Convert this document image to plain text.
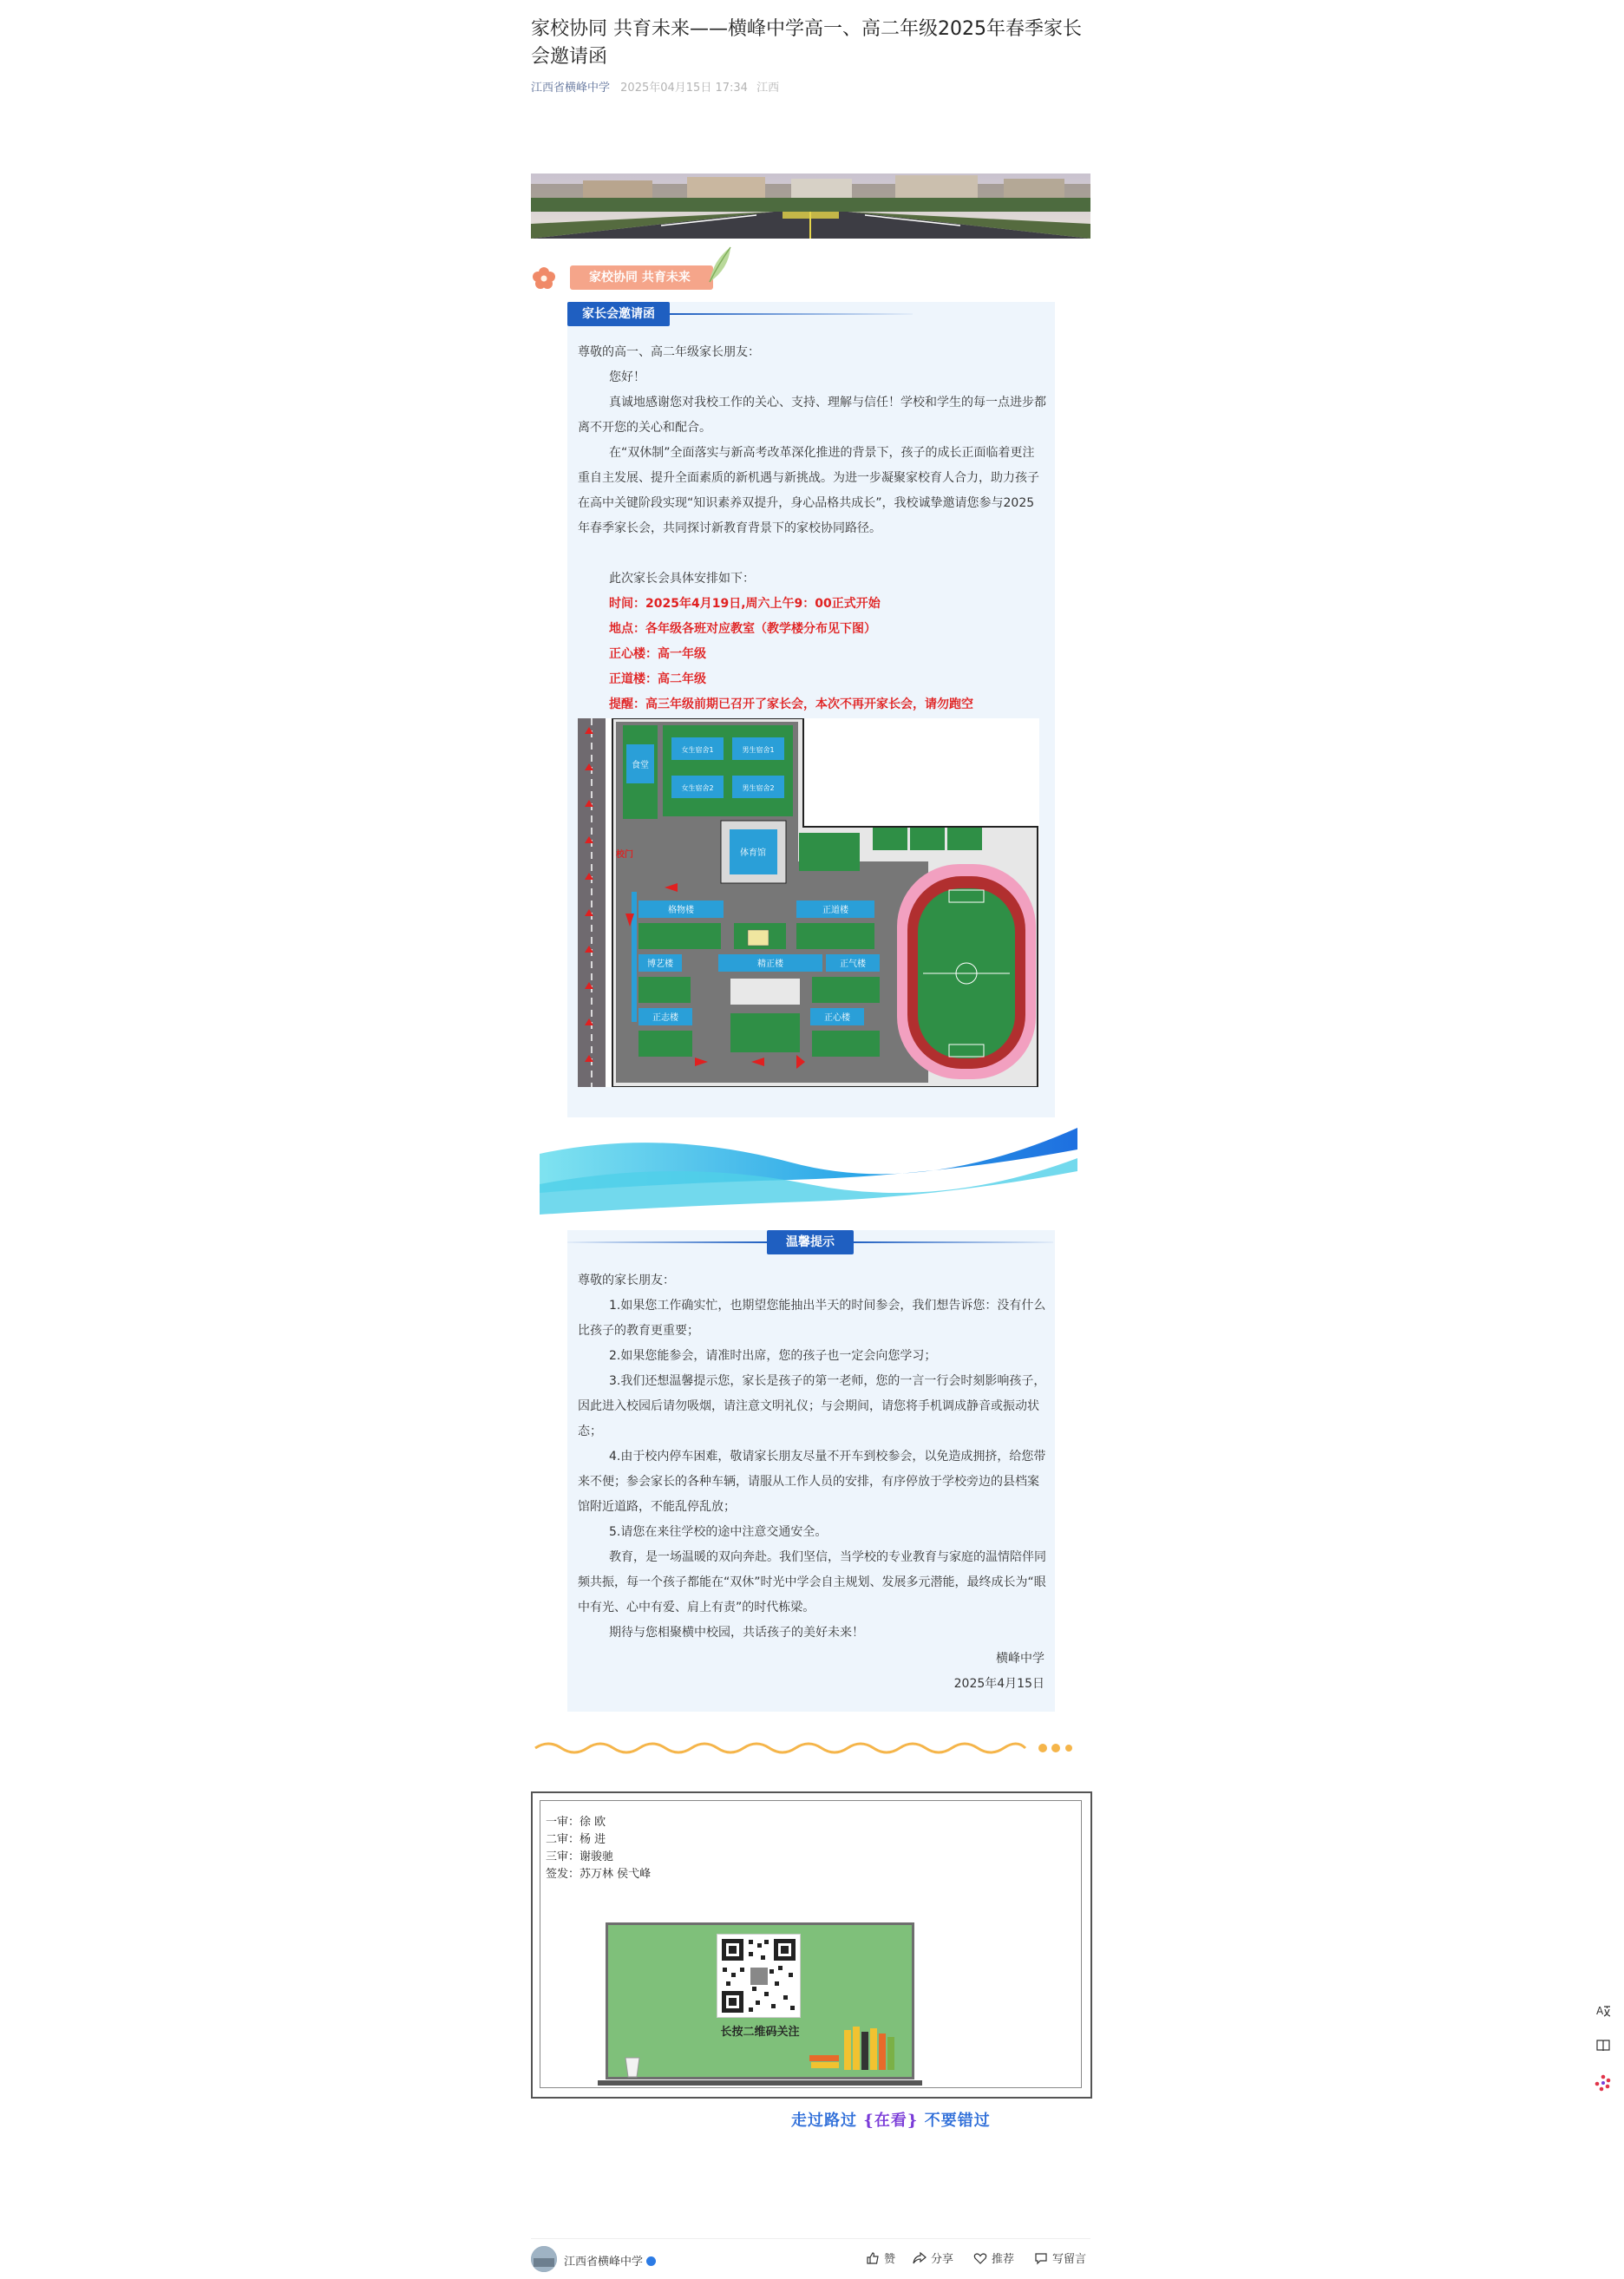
家校协同 共育未来——横峰中学高一、高二年级2025年春季家长会邀请函
江西省横峰中学 2025年04月15日 17:34 江西
家校协同 共育未来
家长会邀请函
尊敬的高一、高二年级家长朋友：
您好！
真诚地感谢您对我校工作的关心、支持、理解与信任！学校和学生的每一点进步都离不开您的关心和配合。
在“双休制”全面落实与新高考改革深化推进的背景下，孩子的成长正面临着更注重自主发展、提升全面素质的新机遇与新挑战。为进一步凝聚家校育人合力，助力孩子在高中关键阶段实现“知识素养双提升，身心品格共成长”，我校诚挚邀请您参与2025年春季家长会，共同探讨新教育背景下的家校协同路径。
此次家长会具体安排如下：
时间：2025年4月19日,周六上午9：00正式开始
地点：各年级各班对应教室（教学楼分布见下图）
正心楼：高一年级
正道楼：高二年级
提醒：高三年级前期已召开了家长会，本次不再开家长会，请勿跑空
食堂
女生宿舍1	男生宿舍1
女生宿舍2	男生宿舍2
体育馆
格物楼	正道楼
博艺楼	精正楼	正气楼
正志楼	正心楼
校门
温馨提示
尊敬的家长朋友：
1.如果您工作确实忙，也期望您能抽出半天的时间参会，我们想告诉您：没有什么比孩子的教育更重要；
2.如果您能参会，请准时出席，您的孩子也一定会向您学习；
3.我们还想温馨提示您，家长是孩子的第一老师，您的一言一行会时刻影响孩子，因此进入校园后请勿吸烟，请注意文明礼仪；与会期间，请您将手机调成静音或振动状态；
4.由于校内停车困难，敬请家长朋友尽量不开车到校参会，以免造成拥挤，给您带来不便；参会家长的各种车辆，请服从工作人员的安排，有序停放于学校旁边的县档案馆附近道路，不能乱停乱放；
5.请您在来往学校的途中注意交通安全。
教育，是一场温暖的双向奔赴。我们坚信，当学校的专业教育与家庭的温情陪伴同频共振，每一个孩子都能在“双休”时光中学会自主规划、发展多元潜能，最终成长为“眼中有光、心中有爱、肩上有责”的时代栋梁。
期待与您相聚横中校园，共话孩子的美好未来！
横峰中学
2025年4月15日
一审：徐 欧
二审：杨 进
三审：谢骏驰
签发：苏万林 侯弋峰
长按二维码关注
走过路过 {在看} 不要错过
江西省横峰中学	赞	分享	推荐	写留言
A
